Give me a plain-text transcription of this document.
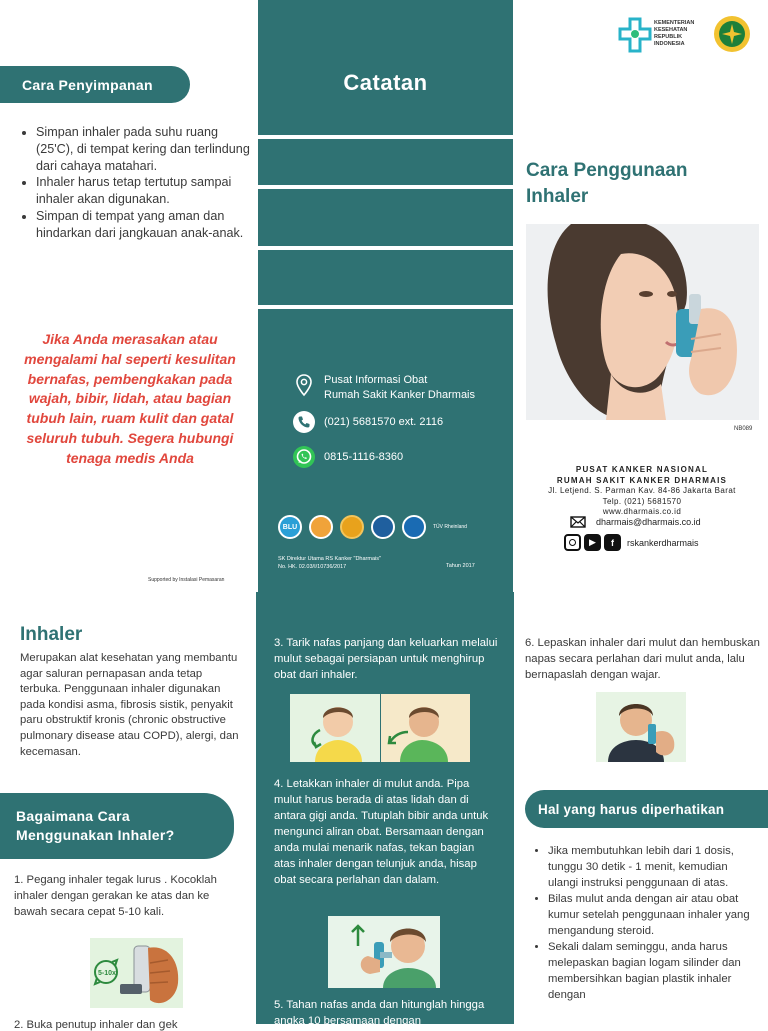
Cara Penyimpanan
• Simpan inhaler pada suhu ruang (25'C), di tempat kering dan terlindung dari cahaya matahari.
• Inhaler harus tetap tertutup sampai inhaler akan digunakan.
• Simpan di tempat yang aman dan hindarkan dari jangkauan anak-anak.
Jika Anda merasakan atau mengalami hal seperti kesulitan bernafas, pembengkakan pada wajah, bibir, lidah, atau bagian tubuh lain, ruam kulit dan gatal seluruh tubuh. Segera hubungi tenaga medis Anda
Supported by Instalasi Pemasaran
Catatan
Pusat Informasi Obat
Rumah Sakit Kanker Dharmais
(021) 5681570 ext. 2116
0815-1116-8360
BLU	TÜV Rheinland
SK Direktur Utama RS Kanker "Dharmais"
No. HK. 02.03/I/10736/2017	Tahun 2017
KEMENTERIAN
KESEHATAN
REPUBLIK
INDONESIA
Cara Penggunaan
Inhaler
NB089
PUSAT KANKER NASIONAL
RUMAH SAKIT KANKER DHARMAIS
Jl. Letjend. S. Parman Kav. 84-86 Jakarta Barat
Telp. (021) 5681570
www.dharmais.co.id
dharmais@dharmais.co.id
▶	f	rskankerdharmais
Inhaler
Merupakan alat kesehatan yang membantu agar saluran pernapasan anda tetap terbuka. Penggunaan inhaler digunakan pada kondisi asma, fibrosis sistik, penyakit paru obstruktif kronis (chronic obstructive pulmonary disease atau COPD), alergi, dan kecemasan.
Bagaimana Cara
Menggunakan Inhaler?
1. Pegang inhaler tegak lurus . Kocoklah inhaler dengan gerakan ke atas dan ke bawah secara cepat 5-10 kali.
5-10x
2. Buka penutup inhaler dan ցek
3. Tarik nafas panjang dan keluarkan melalui mulut sebagai persiapan untuk menghirup obat dari inhaler.
4. Letakkan inhaler di mulut anda. Pipa mulut harus berada di atas lidah dan di antara gigi anda. Tutuplah bibir anda untuk mengunci aliran obat. Bersamaan dengan anda mulai menarik nafas, tekan bagian atas inhaler dengan telunjuk anda, hisap obat secara perlahan dan dalam.
5. Tahan nafas anda dan hitunglah hingga angka 10 bersamaan dengan
6. Lepaskan inhaler dari mulut dan hembuskan napas secara perlahan dari mulut anda, lalu bernapaslah dengan wajar.
Hal yang harus diperhatikan
• Jika membutuhkan lebih dari 1 dosis, tunggu 30 detik - 1 menit, kemudian ulangi instruksi penggunaan di atas.
• Bilas mulut anda dengan air atau obat kumur setelah penggunaan inhaler yang mengandung steroid.
• Sekali dalam seminggu, anda harus melepaskan bagian logam silinder dan membersihkan bagian plastik inhaler dengan
